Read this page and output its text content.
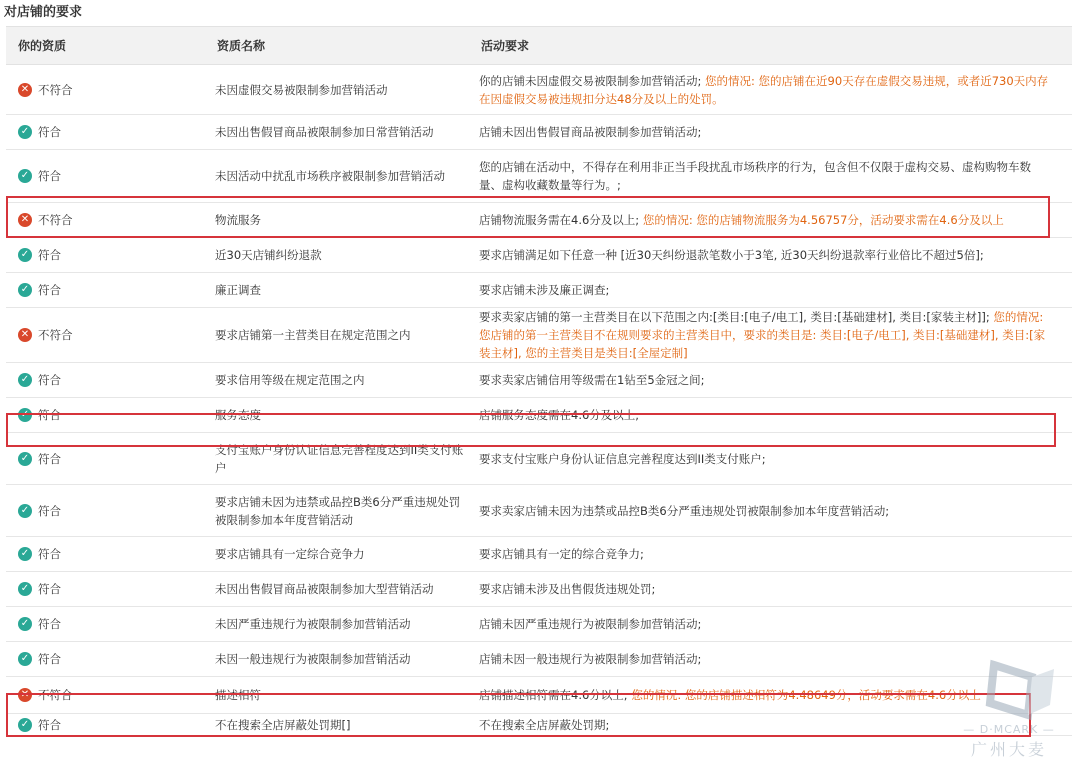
对店铺的要求
你的资质	资质名称	活动要求

✕ 不符合	未因虚假交易被限制参加营销活动	你的店铺未因虚假交易被限制参加营销活动; 您的情况: 您的店铺在近90天存在虚假交易违规，或者近730天内存在因虚假交易被违规扣分达48分及以上的处罚。

✓ 符合	未因出售假冒商品被限制参加日常营销活动	店铺未因出售假冒商品被限制参加营销活动;

✓ 符合	未因活动中扰乱市场秩序被限制参加营销活动	您的店铺在活动中，不得存在利用非正当手段扰乱市场秩序的行为，包含但不仅限于虚构交易、虚构购物车数量、虚构收藏数量等行为。;

✕ 不符合	物流服务	店铺物流服务需在4.6分及以上; 您的情况: 您的店铺物流服务为4.56757分，活动要求需在4.6分及以上

✓ 符合	近30天店铺纠纷退款	要求店铺满足如下任意一种 [近30天纠纷退款笔数小于3笔, 近30天纠纷退款率行业倍比不超过5倍];

✓ 符合	廉正调查	要求店铺未涉及廉正调查;

✕ 不符合	要求店铺第一主营类目在规定范围之内	要求卖家店铺的第一主营类目在以下范围之内:[类目:[电子/电工], 类目:[基础建材], 类目:[家装主材]]; 您的情况: 您店铺的第一主营类目不在规则要求的主营类目中，要求的类目是: 类目:[电子/电工], 类目:[基础建材], 类目:[家装主材], 您的主营类目是类目:[全屋定制]

✓ 符合	要求信用等级在规定范围之内	要求卖家店铺信用等级需在1钻至5金冠之间;

✓ 符合	服务态度	店铺服务态度需在4.6分及以上;

✓ 符合	支付宝账户身份认证信息完善程度达到II类支付账户	要求支付宝账户身份认证信息完善程度达到II类支付账户;

✓ 符合	要求店铺未因为违禁或品控B类6分严重违规处罚被限制参加本年度营销活动	要求卖家店铺未因为违禁或品控B类6分严重违规处罚被限制参加本年度营销活动;

✓ 符合	要求店铺具有一定综合竞争力	要求店铺具有一定的综合竞争力;

✓ 符合	未因出售假冒商品被限制参加大型营销活动	要求店铺未涉及出售假货违规处罚;

✓ 符合	未因严重违规行为被限制参加营销活动	店铺未因严重违规行为被限制参加营销活动;

✓ 符合	未因一般违规行为被限制参加营销活动	店铺未因一般违规行为被限制参加营销活动;

✕ 不符合	描述相符	店铺描述相符需在4.6分以上; 您的情况: 您的店铺描述相符为4.48649分，活动要求需在4.6分以上

✓ 符合	不在搜索全店屏蔽处罚期[]	不在搜索全店屏蔽处罚期;	— D·MCARK —
广州大麦
